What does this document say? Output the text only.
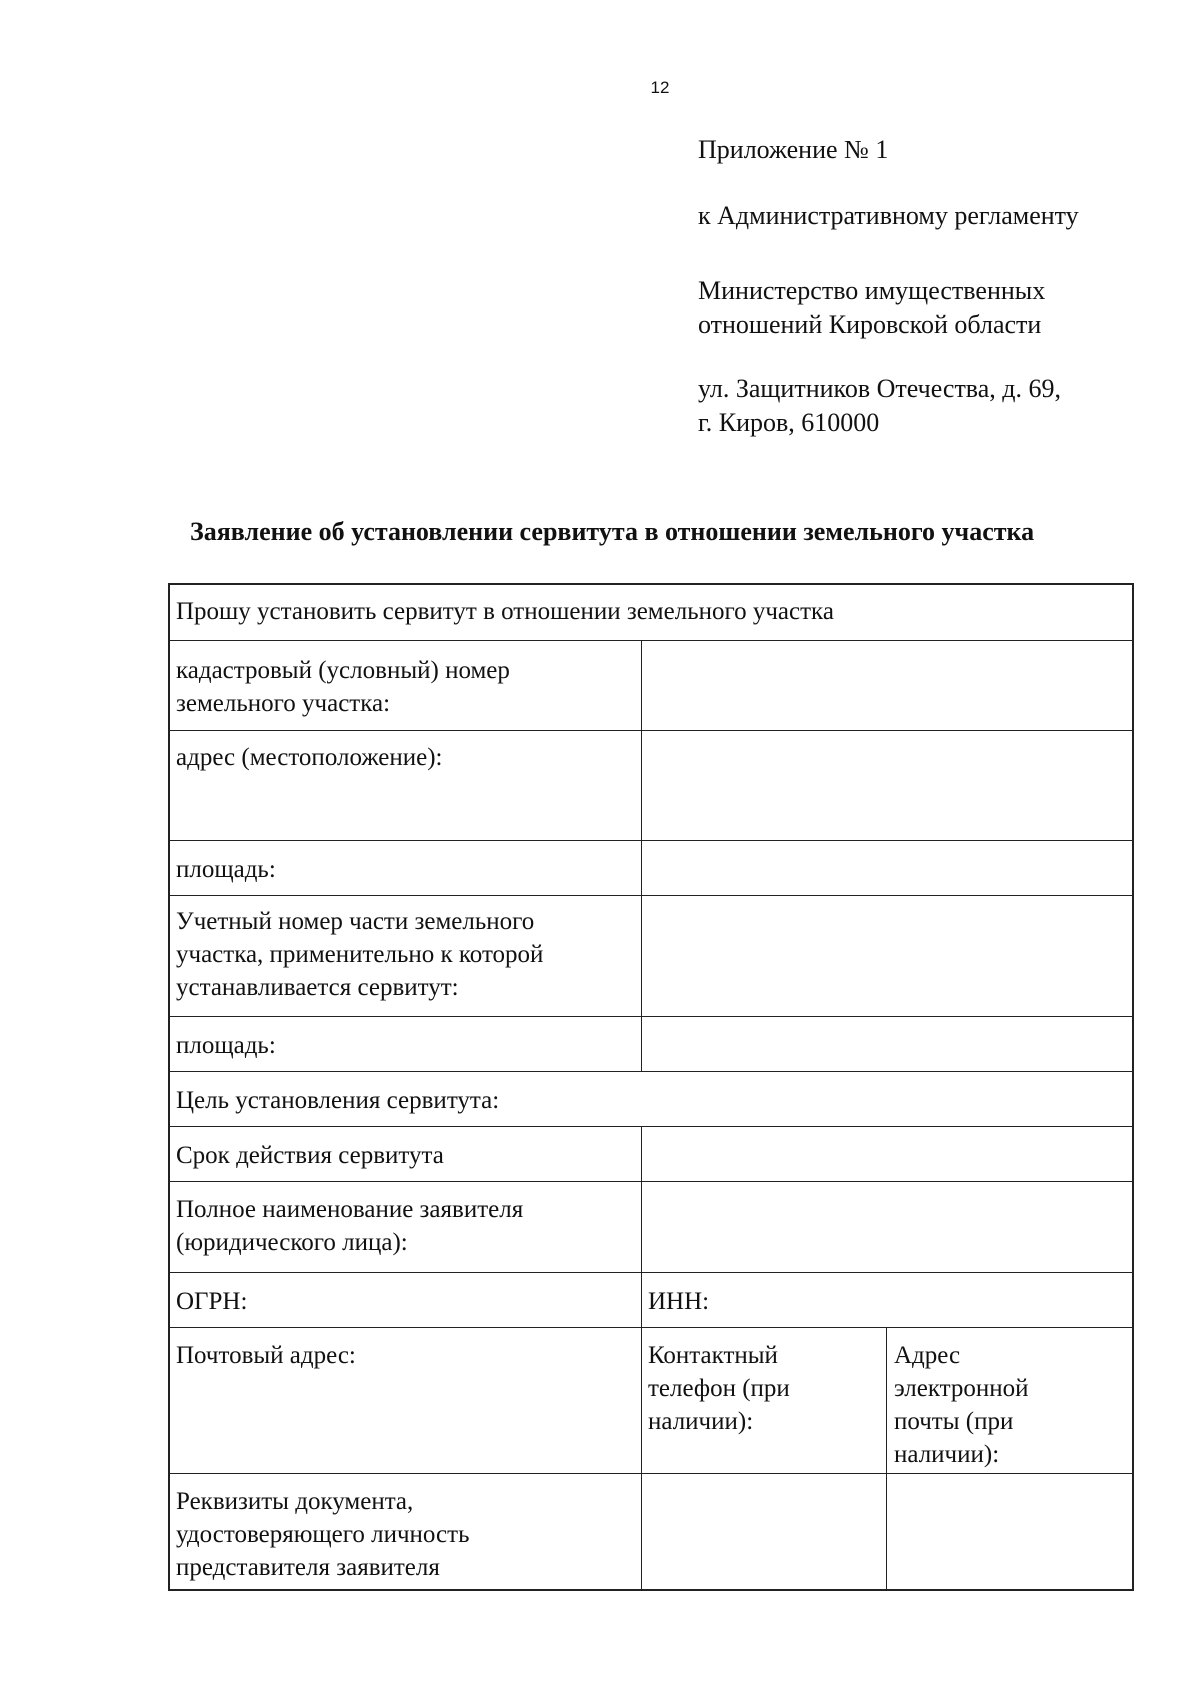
12
Приложение № 1
к Административному регламенту
Министерство имущественных
отношений Кировской области
ул. Защитников Отечества, д. 69,
г. Киров, 610000
Заявление об установлении сервитута в отношении земельного участка
Прошу установить сервитут в отношении земельного участка
кадастровый (условный) номер
земельного участка:
адрес (местоположение):
площадь:
Учетный номер части земельного
участка, применительно к которой
устанавливается сервитут:
площадь:
Цель установления сервитута:
Срок действия сервитута
Полное наименование заявителя
(юридического лица):
ОГРН:	ИНН:
Почтовый адрес:	Контактный
телефон (при
наличии):
Адрес
электронной
почты (при
наличии):
Реквизиты документа,
удостоверяющего личность
представителя заявителя
